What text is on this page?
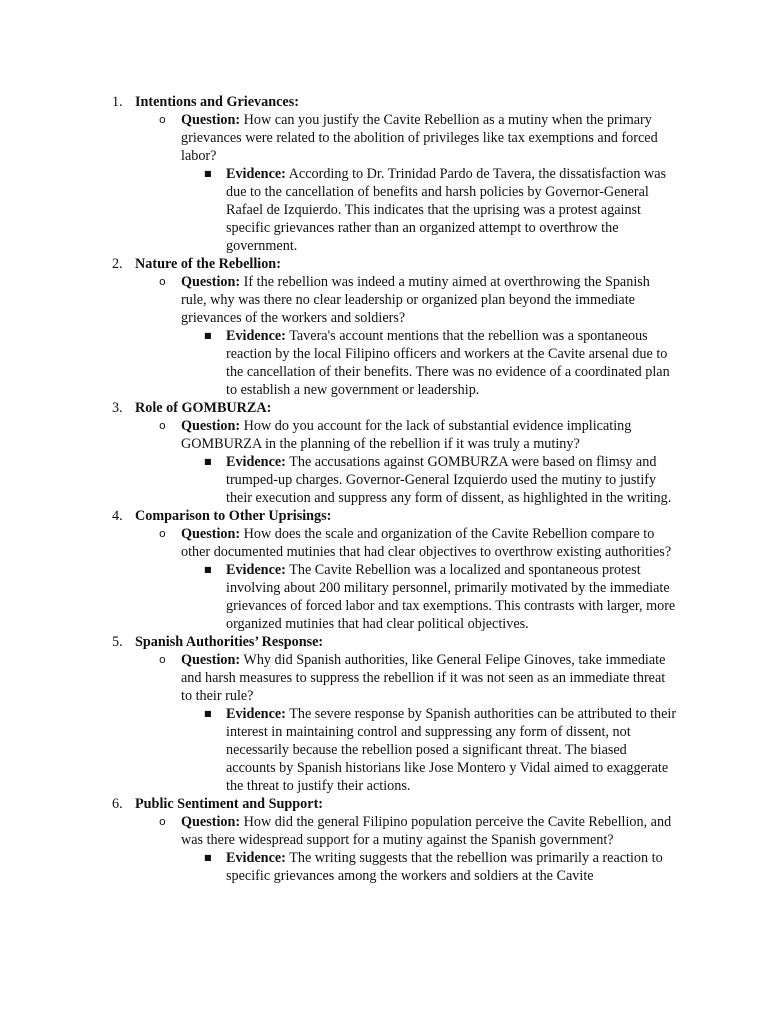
1. Intentions and Grievances:
o Question: How can you justify the Cavite Rebellion as a mutiny when the primary grievances were related to the abolition of privileges like tax exemptions and forced labor?
■ Evidence: According to Dr. Trinidad Pardo de Tavera, the dissatisfaction was due to the cancellation of benefits and harsh policies by Governor-General Rafael de Izquierdo. This indicates that the uprising was a protest against specific grievances rather than an organized attempt to overthrow the government.
2. Nature of the Rebellion:
o Question: If the rebellion was indeed a mutiny aimed at overthrowing the Spanish rule, why was there no clear leadership or organized plan beyond the immediate grievances of the workers and soldiers?
■ Evidence: Tavera's account mentions that the rebellion was a spontaneous reaction by the local Filipino officers and workers at the Cavite arsenal due to the cancellation of their benefits. There was no evidence of a coordinated plan to establish a new government or leadership.
3. Role of GOMBURZA:
o Question: How do you account for the lack of substantial evidence implicating GOMBURZA in the planning of the rebellion if it was truly a mutiny?
■ Evidence: The accusations against GOMBURZA were based on flimsy and trumped-up charges. Governor-General Izquierdo used the mutiny to justify their execution and suppress any form of dissent, as highlighted in the writing.
4. Comparison to Other Uprisings:
o Question: How does the scale and organization of the Cavite Rebellion compare to other documented mutinies that had clear objectives to overthrow existing authorities?
■ Evidence: The Cavite Rebellion was a localized and spontaneous protest involving about 200 military personnel, primarily motivated by the immediate grievances of forced labor and tax exemptions. This contrasts with larger, more organized mutinies that had clear political objectives.
5. Spanish Authorities’ Response:
o Question: Why did Spanish authorities, like General Felipe Ginoves, take immediate and harsh measures to suppress the rebellion if it was not seen as an immediate threat to their rule?
■ Evidence: The severe response by Spanish authorities can be attributed to their interest in maintaining control and suppressing any form of dissent, not necessarily because the rebellion posed a significant threat. The biased accounts by Spanish historians like Jose Montero y Vidal aimed to exaggerate the threat to justify their actions.
6. Public Sentiment and Support:
o Question: How did the general Filipino population perceive the Cavite Rebellion, and was there widespread support for a mutiny against the Spanish government?
■ Evidence: The writing suggests that the rebellion was primarily a reaction to specific grievances among the workers and soldiers at the Cavite
